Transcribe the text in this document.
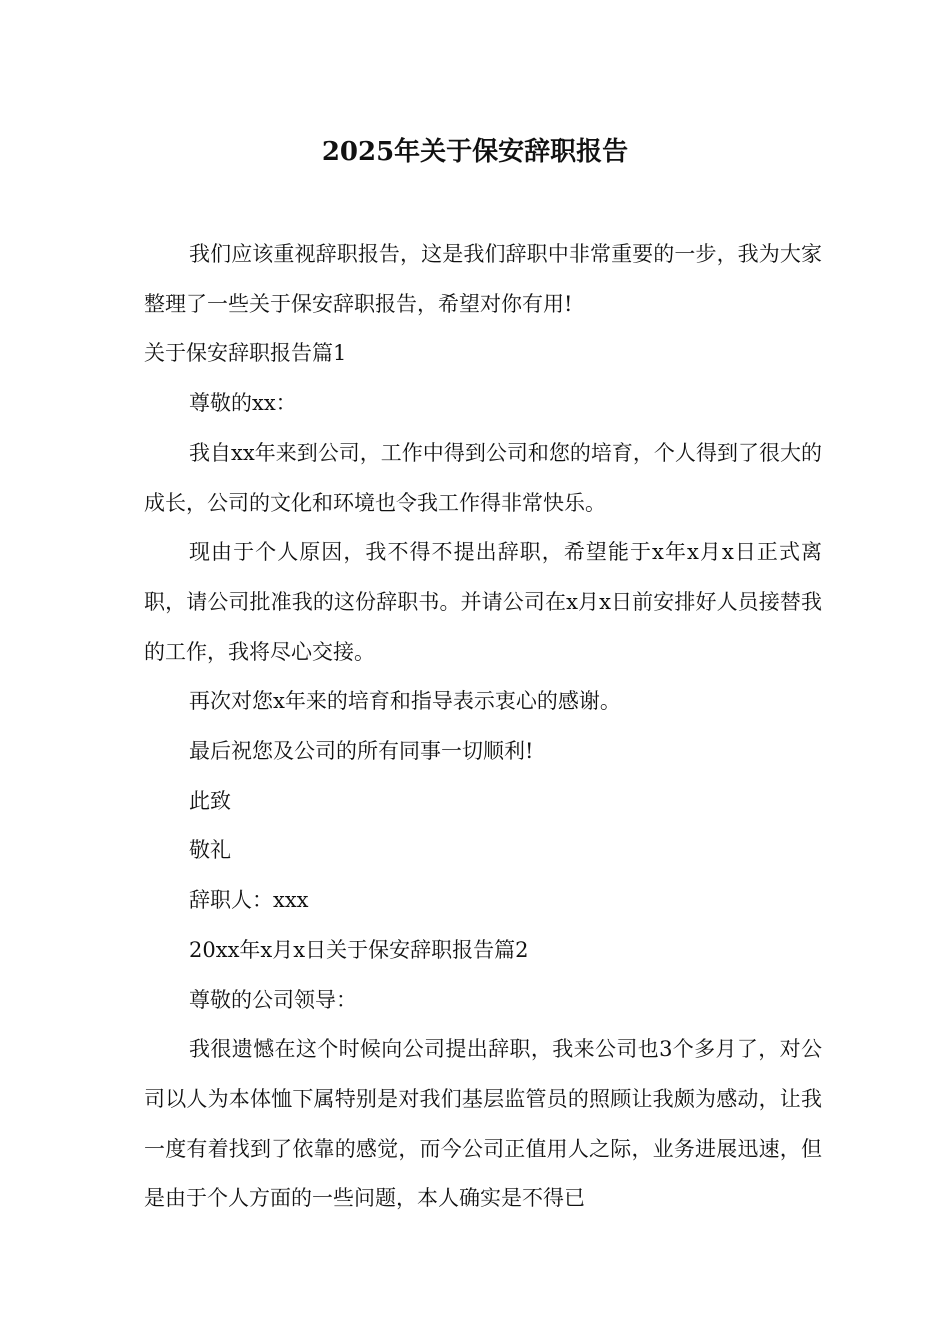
2025年关于保安辞职报告

我们应该重视辞职报告，这是我们辞职中非常重要的一步，我为大家整理了一些关于保安辞职报告，希望对你有用!

关于保安辞职报告篇1

尊敬的xx：

我自xx年来到公司，工作中得到公司和您的培育，个人得到了很大的成长，公司的文化和环境也令我工作得非常快乐。

现由于个人原因，我不得不提出辞职，希望能于x年x月x日正式离职，请公司批准我的这份辞职书。并请公司在x月x日前安排好人员接替我的工作，我将尽心交接。

再次对您x年来的培育和指导表示衷心的感谢。

最后祝您及公司的所有同事一切顺利!

此致

敬礼

辞职人：xxx

20xx年x月x日关于保安辞职报告篇2

尊敬的公司领导：

我很遗憾在这个时候向公司提出辞职，我来公司也3个多月了，对公司以人为本体恤下属特别是对我们基层监管员的照顾让我颇为感动，让我一度有着找到了依靠的感觉，而今公司正值用人之际，业务进展迅速，但是由于个人方面的一些问题，本人确实是不得已
